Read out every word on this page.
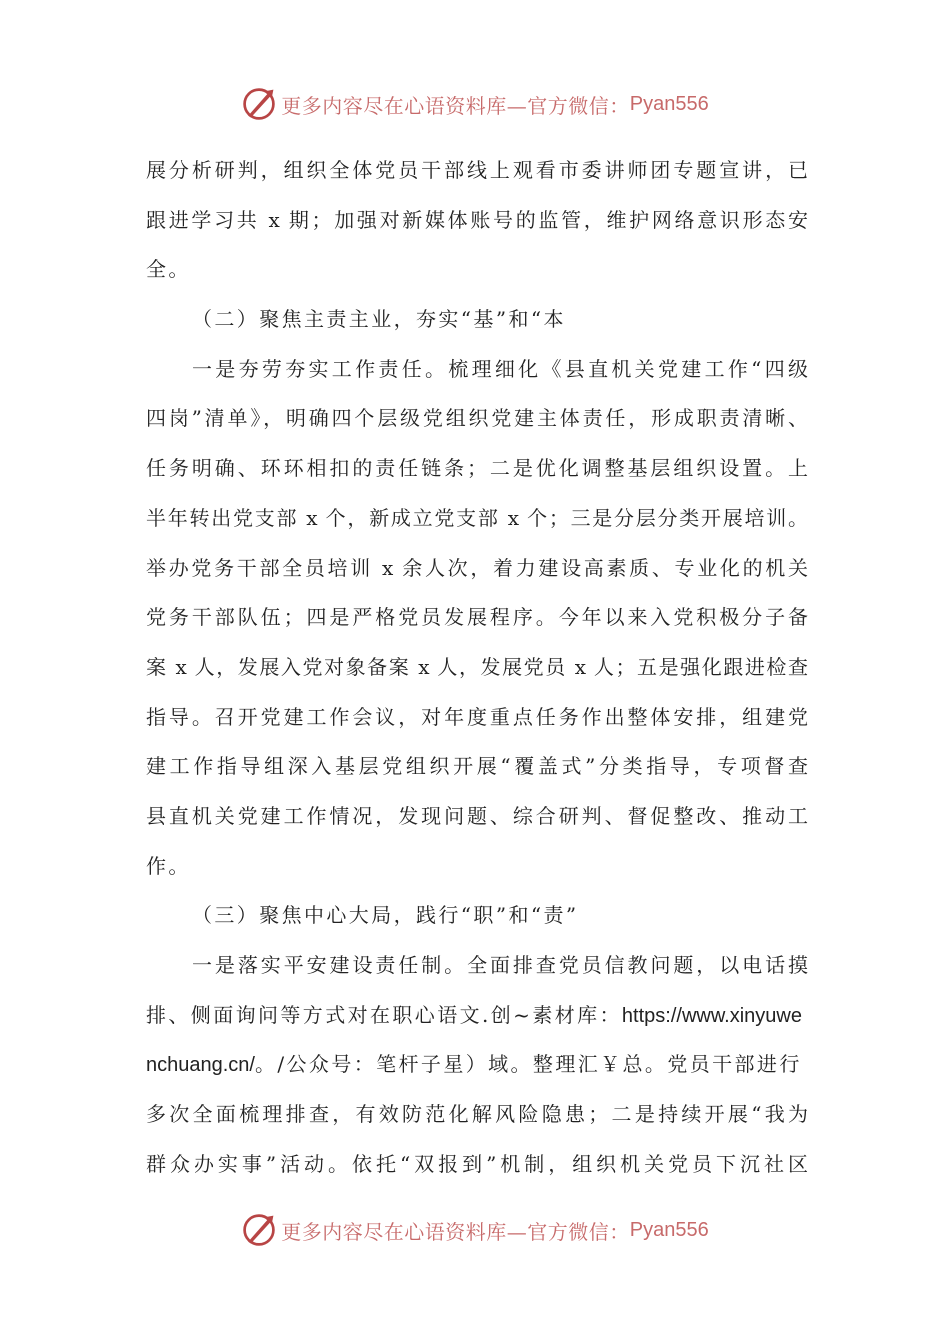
更多内容尽在心语资料库—官方微信： Pyan556
展分析研判，组织全体党员干部线上观看市委讲师团专题宣讲，已
跟进学习共 x 期；加强对新媒体账号的监管，维护网络意识形态安
全。
（二）聚焦主责主业，夯实“基”和“本
一是夯劳夯实工作责任。梳理细化《县直机关党建工作“四级
四岗”清单》，明确四个层级党组织党建主体责任，形成职责清晰、
任务明确、环环相扣的责任链条；二是优化调整基层组织设置。上
半年转出党支部 x 个，新成立党支部 x 个；三是分层分类开展培训。
举办党务干部全员培训 x 余人次，着力建设高素质、专业化的机关
党务干部队伍；四是严格党员发展程序。今年以来入党积极分子备
案 x 人，发展入党对象备案 x 人，发展党员 x 人；五是强化跟进检查
指导。召开党建工作会议，对年度重点任务作出整体安排，组建党
建工作指导组深入基层党组织开展“覆盖式”分类指导，专项督查
县直机关党建工作情况，发现问题、综合研判、督促整改、推动工
作。
（三）聚焦中心大局，践行“职”和“责”
一是落实平安建设责任制。全面排查党员信教问题，以电话摸
排、侧面询问等方式对在职心语文.创~素材库：https://www.xinyuwe
nchuang.cn/。/公众号：笔杆子星）域。整理汇￥总。党员干部进行
多次全面梳理排查，有效防范化解风险隐患；二是持续开展“我为
群众办实事”活动。依托“双报到”机制，组织机关党员下沉社区
更多内容尽在心语资料库—官方微信： Pyan556
